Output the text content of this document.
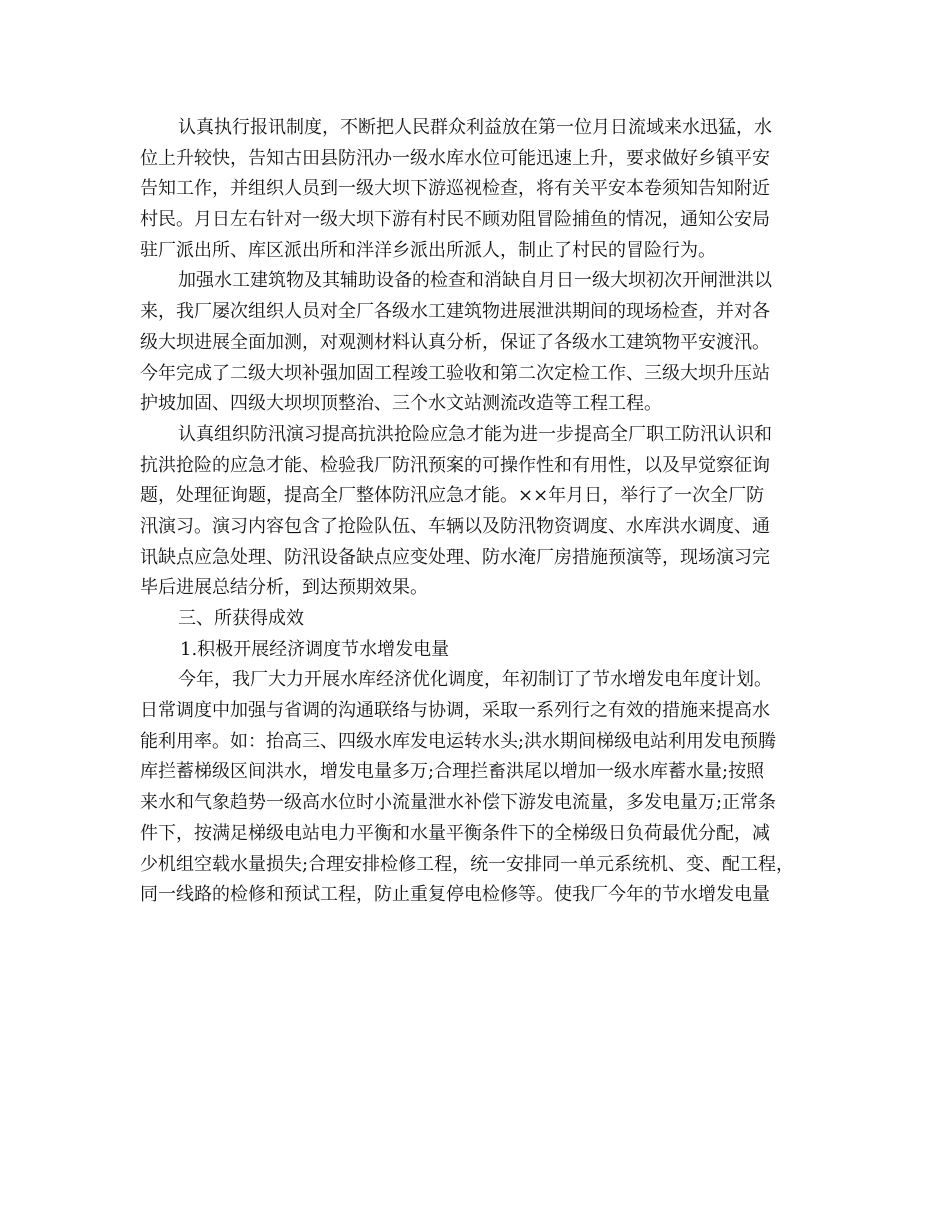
认真执行报讯制度，不断把人民群众利益放在第一位月日流域来水迅猛，水
位上升较快，告知古田县防汛办一级水库水位可能迅速上升，要求做好乡镇平安
告知工作，并组织人员到一级大坝下游巡视检查，将有关平安本卷须知告知附近
村民。月日左右针对一级大坝下游有村民不顾劝阻冒险捕鱼的情况，通知公安局
驻厂派出所、库区派出所和泮洋乡派出所派人，制止了村民的冒险行为。
加强水工建筑物及其辅助设备的检查和消缺自月日一级大坝初次开闸泄洪以
来，我厂屡次组织人员对全厂各级水工建筑物进展泄洪期间的现场检查，并对各
级大坝进展全面加测，对观测材料认真分析，保证了各级水工建筑物平安渡汛。
今年完成了二级大坝补强加固工程竣工验收和第二次定检工作、三级大坝升压站
护坡加固、四级大坝坝顶整治、三个水文站测流改造等工程工程。
认真组织防汛演习提高抗洪抢险应急才能为进一步提高全厂职工防汛认识和
抗洪抢险的应急才能、检验我厂防汛预案的可操作性和有用性，以及早觉察征询
题，处理征询题，提高全厂整体防汛应急才能。××年月日，举行了一次全厂防
汛演习。演习内容包含了抢险队伍、车辆以及防汛物资调度、水库洪水调度、通
讯缺点应急处理、防汛设备缺点应变处理、防水淹厂房措施预演等，现场演习完
毕后进展总结分析，到达预期效果。
三、所获得成效
1.积极开展经济调度节水增发电量
今年，我厂大力开展水库经济优化调度，年初制订了节水增发电年度计划。
日常调度中加强与省调的沟通联络与协调，采取一系列行之有效的措施来提高水
能利用率。如：抬高三、四级水库发电运转水头;洪水期间梯级电站利用发电预腾
库拦蓄梯级区间洪水，增发电量多万;合理拦畜洪尾以增加一级水库蓄水量;按照
来水和气象趋势一级高水位时小流量泄水补偿下游发电流量，多发电量万;正常条
件下，按满足梯级电站电力平衡和水量平衡条件下的全梯级日负荷最优分配，减
少机组空载水量损失;合理安排检修工程，统一安排同一单元系统机、变、配工程，
同一线路的检修和预试工程，防止重复停电检修等。使我厂今年的节水增发电量
